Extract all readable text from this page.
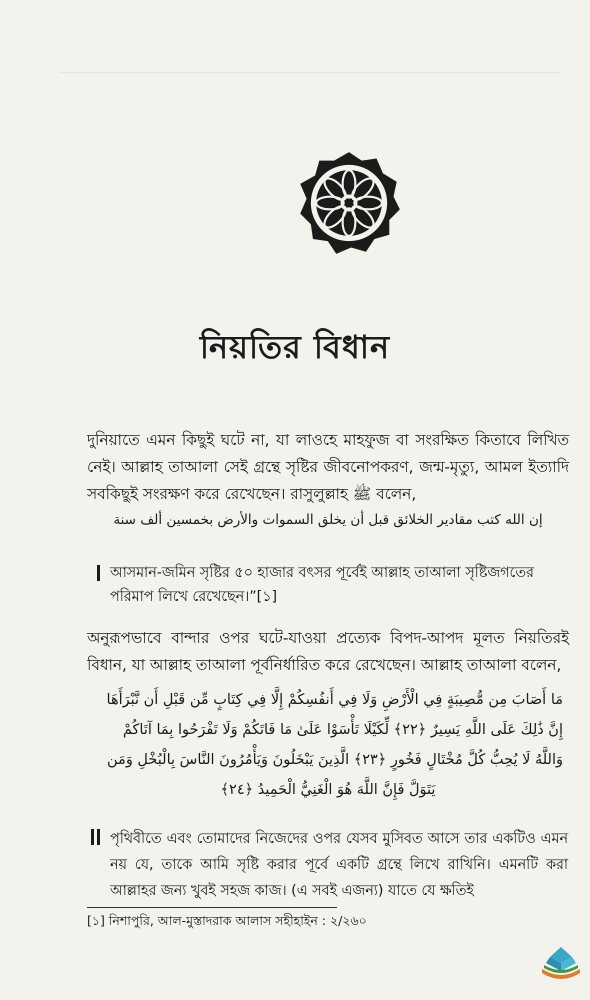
নিয়তির বিধান
দুনিয়াতে এমন কিছুই ঘটে না, যা লাওহে মাহফুজ বা সংরক্ষিত কিতাবে লিখিত নেই। আল্লাহ তাআলা সেই গ্রন্থে সৃষ্টির জীবনোপকরণ, জন্ম-মৃত্যু, আমল ইত্যাদি সবকিছুই সংরক্ষণ করে রেখেছেন। রাসুলুল্লাহ ﷺ বলেন,
إن الله كتب مقادير الخلائق قبل أن يخلق السموات والأرض بخمسين ألف سنة
আসমান-জমিন সৃষ্টির ৫০ হাজার বৎসর পূর্বেই আল্লাহ তাআলা সৃষ্টিজগতের পরিমাপ লিখে রেখেছেন।”[১]
অনুরূপভাবে বান্দার ওপর ঘটে-যাওয়া প্রত্যেক বিপদ-আপদ মূলত নিয়তিরই বিধান, যা আল্লাহ তাআলা পূর্বনির্ধারিত করে রেখেছেন। আল্লাহ তাআলা বলেন,
مَا أَصَابَ مِن مُّصِيبَةٍ فِي الْأَرْضِ وَلَا فِي أَنفُسِكُمْ إِلَّا فِي كِتَابٍ مِّن قَبْلِ أَن نَّبْرَأَهَا
إِنَّ ذَٰلِكَ عَلَى اللَّهِ يَسِيرٌ ﴿٢٢﴾ لِّكَيْلَا تَأْسَوْا عَلَىٰ مَا فَاتَكُمْ وَلَا تَفْرَحُوا بِمَا آتَاكُمْ
وَاللَّهُ لَا يُحِبُّ كُلَّ مُخْتَالٍ فَخُورٍ ﴿٢٣﴾ الَّذِينَ يَبْخَلُونَ وَيَأْمُرُونَ النَّاسَ بِالْبُخْلِ وَمَن
يَتَوَلَّ فَإِنَّ اللَّهَ هُوَ الْغَنِيُّ الْحَمِيدُ ﴿٢٤﴾
পৃথিবীতে এবং তোমাদের নিজেদের ওপর যেসব মুসিবত আসে তার একটিও এমন নয় যে, তাকে আমি সৃষ্টি করার পূর্বে একটি গ্রন্থে লিখে রাখিনি। এমনটি করা আল্লাহর জন্য খুবই সহজ কাজ। (এ সবই এজন্য) যাতে যে ক্ষতিই
[১] নিশাপুরি, আল-মুস্তাদরাক আলাস সহীহাইন : ২/২৬০
